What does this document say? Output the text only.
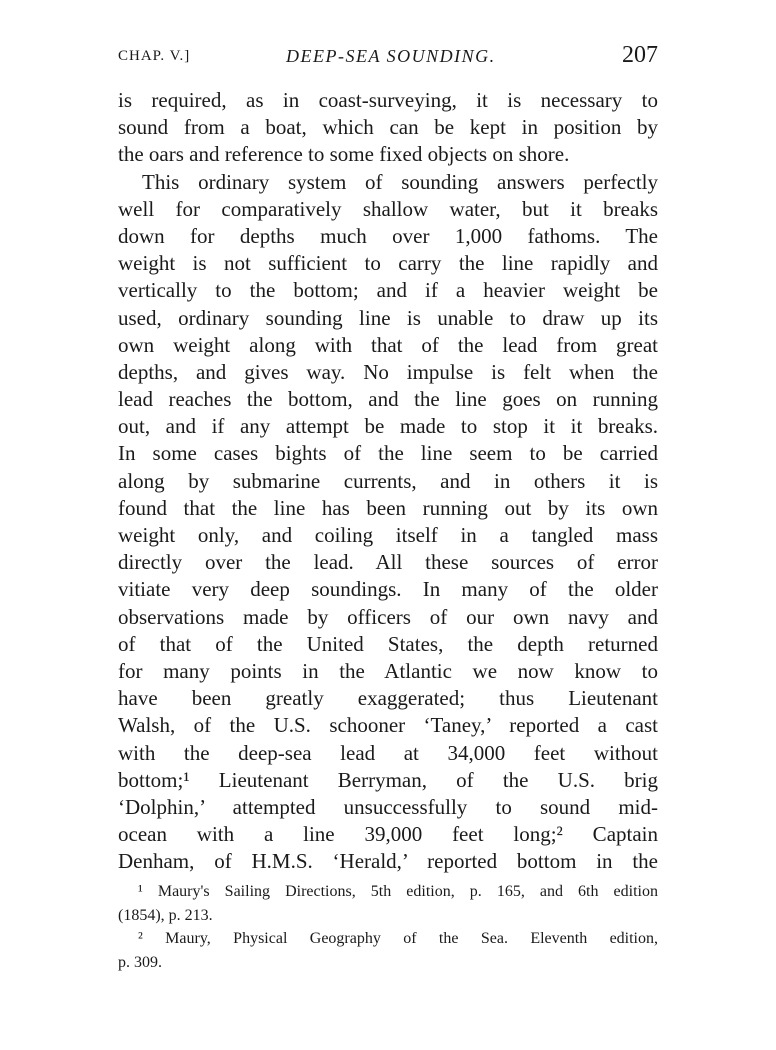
CHAP. V.]	DEEP-SEA SOUNDING.	207
is required, as in coast-surveying, it is necessary to
sound from a boat, which can be kept in position by
the oars and reference to some fixed objects on shore.
This ordinary system of sounding answers perfectly
well for comparatively shallow water, but it breaks
down for depths much over 1,000 fathoms. The
weight is not sufficient to carry the line rapidly and
vertically to the bottom; and if a heavier weight be
used, ordinary sounding line is unable to draw up its
own weight along with that of the lead from great
depths, and gives way. No impulse is felt when the
lead reaches the bottom, and the line goes on running
out, and if any attempt be made to stop it it breaks.
In some cases bights of the line seem to be carried
along by submarine currents, and in others it is
found that the line has been running out by its own
weight only, and coiling itself in a tangled mass
directly over the lead. All these sources of error
vitiate very deep soundings. In many of the older
observations made by officers of our own navy and
of that of the United States, the depth returned
for many points in the Atlantic we now know to
have been greatly exaggerated; thus Lieutenant
Walsh, of the U.S. schooner ‘Taney,’ reported a cast
with the deep-sea lead at 34,000 feet without
bottom;¹ Lieutenant Berryman, of the U.S. brig
‘Dolphin,’ attempted unsuccessfully to sound mid-
ocean with a line 39,000 feet long;² Captain
Denham, of H.M.S. ‘Herald,’ reported bottom in the
¹ Maury's Sailing Directions, 5th edition, p. 165, and 6th edition
(1854), p. 213.
² Maury, Physical Geography of the Sea. Eleventh edition,
p. 309.
